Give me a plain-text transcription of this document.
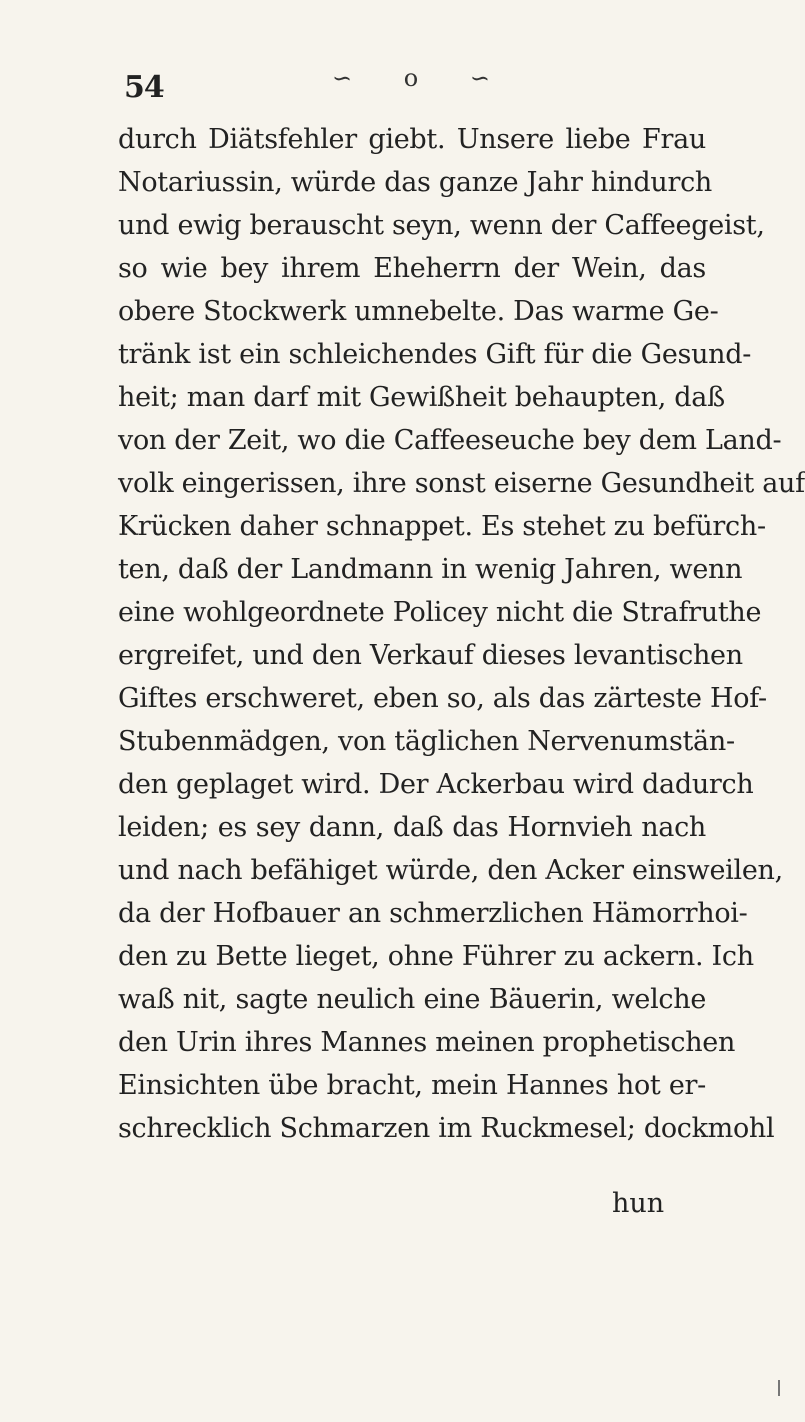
54	∽ o ∽
durch Diätsfehler giebt. Unsere liebe Frau
Notariussin, würde das ganze Jahr hindurch
und ewig berauscht seyn, wenn der Caffeegeist,
so wie bey ihrem Eheherrn der Wein, das
obere Stockwerk umnebelte. Das warme Ge-
tränk ist ein schleichendes Gift für die Gesund-
heit; man darf mit Gewißheit behaupten, daß
von der Zeit, wo die Caffeeseuche bey dem Land-
volk eingerissen, ihre sonst eiserne Gesundheit auf
Krücken daher schnappet. Es stehet zu befürch-
ten, daß der Landmann in wenig Jahren, wenn
eine wohlgeordnete Policey nicht die Strafruthe
ergreifet, und den Verkauf dieses levantischen
Giftes erschweret, eben so, als das zärteste Hof-
Stubenmädgen, von täglichen Nervenumstän-
den geplaget wird. Der Ackerbau wird dadurch
leiden; es sey dann, daß das Hornvieh nach
und nach befähiget würde, den Acker einsweilen,
da der Hofbauer an schmerzlichen Hämorrhoi-
den zu Bette lieget, ohne Führer zu ackern. Ich
waß nit, sagte neulich eine Bäuerin, welche
den Urin ihres Mannes meinen prophetischen
Einsichten übe bracht, mein Hannes hot er-
schrecklich Schmarzen im Ruckmesel; dockmohl
hun
